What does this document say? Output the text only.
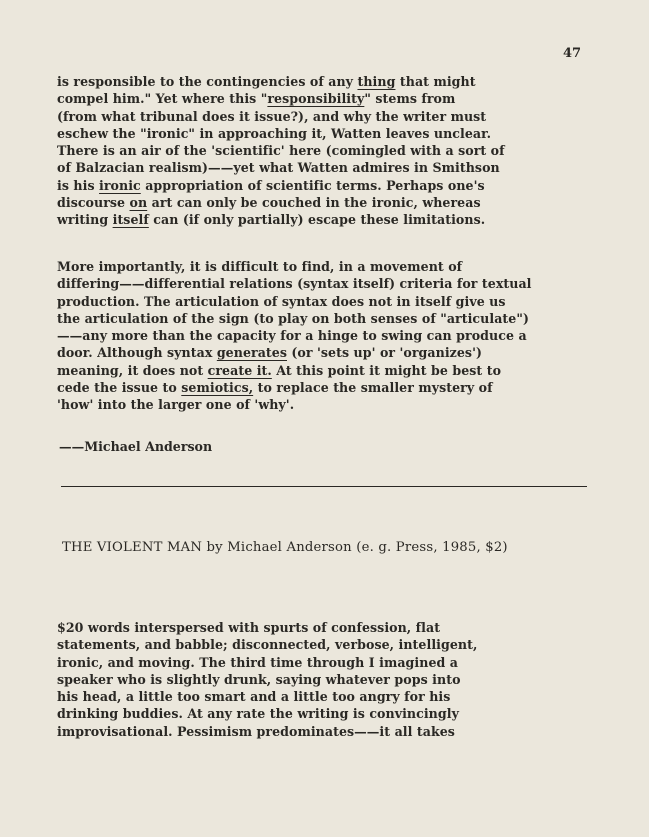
47

is responsible to the contingencies of any thing that might
compel him." Yet where this "responsibility" stems from
(from what tribunal does it issue?), and why the writer must
eschew the "ironic" in approaching it, Watten leaves unclear.
There is an air of the 'scientific' here (comingled with a sort of
of Balzacian realism)——yet what Watten admires in Smithson
is his ironic appropriation of scientific terms. Perhaps one's
discourse on art can only be couched in the ironic, whereas
writing itself can (if only partially) escape these limitations.

More importantly, it is difficult to find, in a movement of
differing——differential relations (syntax itself) criteria for textual
production. The articulation of syntax does not in itself give us
the articulation of the sign (to play on both senses of "articulate")
——any more than the capacity for a hinge to swing can produce a
door. Although syntax generates (or 'sets up' or 'organizes')
meaning, it does not create it. At this point it might be best to
cede the issue to semiotics, to replace the smaller mystery of
'how' into the larger one of 'why'.

——Michael Anderson
THE VIOLENT MAN by Michael Anderson (e. g. Press, 1985, $2)

$20 words interspersed with spurts of confession, flat
statements, and babble; disconnected, verbose, intelligent,
ironic, and moving. The third time through I imagined a
speaker who is slightly drunk, saying whatever pops into
his head, a little too smart and a little too angry for his
drinking buddies. At any rate the writing is convincingly
improvisational. Pessimism predominates——it all takes
